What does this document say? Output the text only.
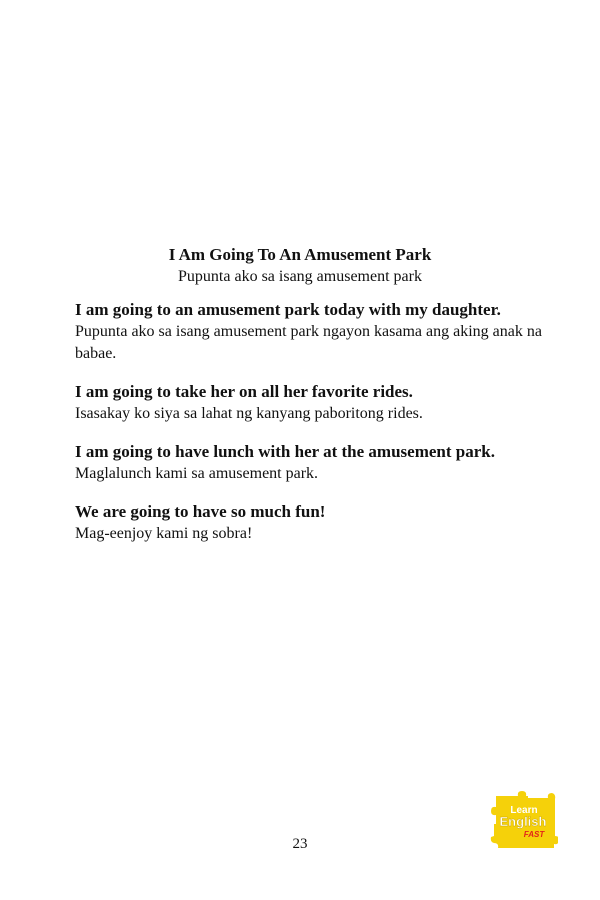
I Am Going To An Amusement Park
Pupunta ako sa isang amusement park
I am going to an amusement park today with my daughter.
Pupunta ako sa isang amusement park ngayon kasama ang aking anak na babae.
I am going to take her on all her favorite rides.
Isasakay ko siya sa lahat ng kanyang paboritong rides.
I am going to have lunch with her at the amusement park.
Maglalunch kami sa amusement park.
We are going to have so much fun!
Mag-eenjoy kami ng sobra!
23
Learn
English
FAST
